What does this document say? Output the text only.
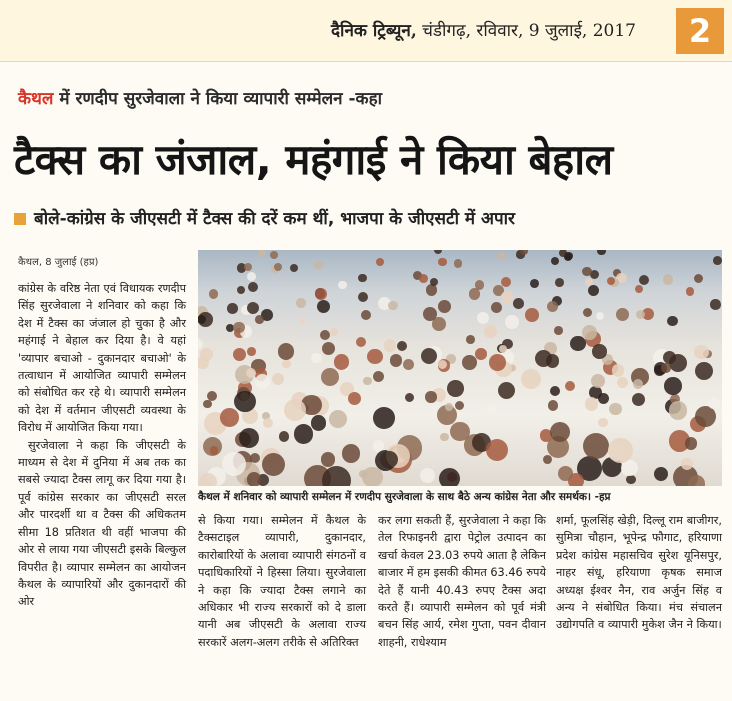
दैनिक ट्रिब्यून, चंडीगढ़, रविवार, 9 जुलाई, 2017	2
कैथल में रणदीप सुरजेवाला ने किया व्यापारी सम्मेलन -कहा
टैक्स का जंजाल, महंगाई ने किया बेहाल
बोले-कांग्रेस के जीएसटी में टैक्स की दरें कम थीं, भाजपा के जीएसटी में अपार
कैथल, 8 जुलाई (हप्र)
कैथल में शनिवार को व्यापारी सम्मेलन में रणदीप सुरजेवाला के साथ बैठे अन्य कांग्रेस नेता और समर्थक। -हप्र

कांग्रेस के वरिष्ठ नेता एवं विधायक रणदीप सिंह सुरजेवाला ने शनिवार को कहा कि देश में टैक्स का जंजाल हो चुका है और महंगाई ने बेहाल कर दिया है। वे यहां 'व्यापार बचाओ - दुकानदार बचाओ' के तत्वाधान में आयोजित व्यापारी सम्मेलन को संबोधित कर रहे थे। व्यापारी सम्मेलन को देश में वर्तमान जीएसटी व्यवस्था के विरोध में आयोजित किया गया।

सुरजेवाला ने कहा कि जीएसटी के माध्यम से देश में दुनिया में अब तक का सबसे ज्यादा टैक्स लागू कर दिया गया है। पूर्व कांग्रेस सरकार का जीएसटी सरल और पारदर्शी था व टैक्स की अधिकतम सीमा 18 प्रतिशत थी वहीं भाजपा की ओर से लाया गया जीएसटी इसके बिल्कुल विपरीत है। व्यापार सम्मेलन का आयोजन कैथल के व्यापारियों और दुकानदारों की ओर

से किया गया। सम्मेलन में कैथल के टैक्सटाइल व्यापारी, दुकानदार, कारोबारियों के अलावा व्यापारी संगठनों व पदाधिकारियों ने हिस्सा लिया। सुरजेवाला ने कहा कि ज्यादा टैक्स लगाने का अधिकार भी राज्य सरकारों को दे डाला यानी अब जीएसटी के अलावा राज्य सरकारें अलग-अलग तरीके से अतिरिक्त
कर लगा सकती हैं, सुरजेवाला ने कहा कि तेल रिफाइनरी द्वारा पेट्रोल उत्पादन का खर्चा केवल 23.03 रुपये आता है लेकिन बाजार में हम इसकी कीमत 63.46 रुपये देते हैं यानी 40.43 रुपए टैक्स अदा करते हैं। व्यापारी सम्मेलन को पूर्व मंत्री बचन सिंह आर्य, रमेश गुप्ता, पवन दीवान शाहनी, राधेश्याम
शर्मा, फूलसिंह खेड़ी, दिल्लू राम बाजीगर, सुमित्रा चौहान, भूपेन्द्र फौगाट, हरियाणा प्रदेश कांग्रेस महासचिव सुरेश यूनिसपुर, नाहर संधू, हरियाणा कृषक समाज अध्यक्ष ईश्वर नैन, राव अर्जुन सिंह व अन्य ने संबोधित किया। मंच संचालन उद्योगपति व व्यापारी मुकेश जैन ने किया।
